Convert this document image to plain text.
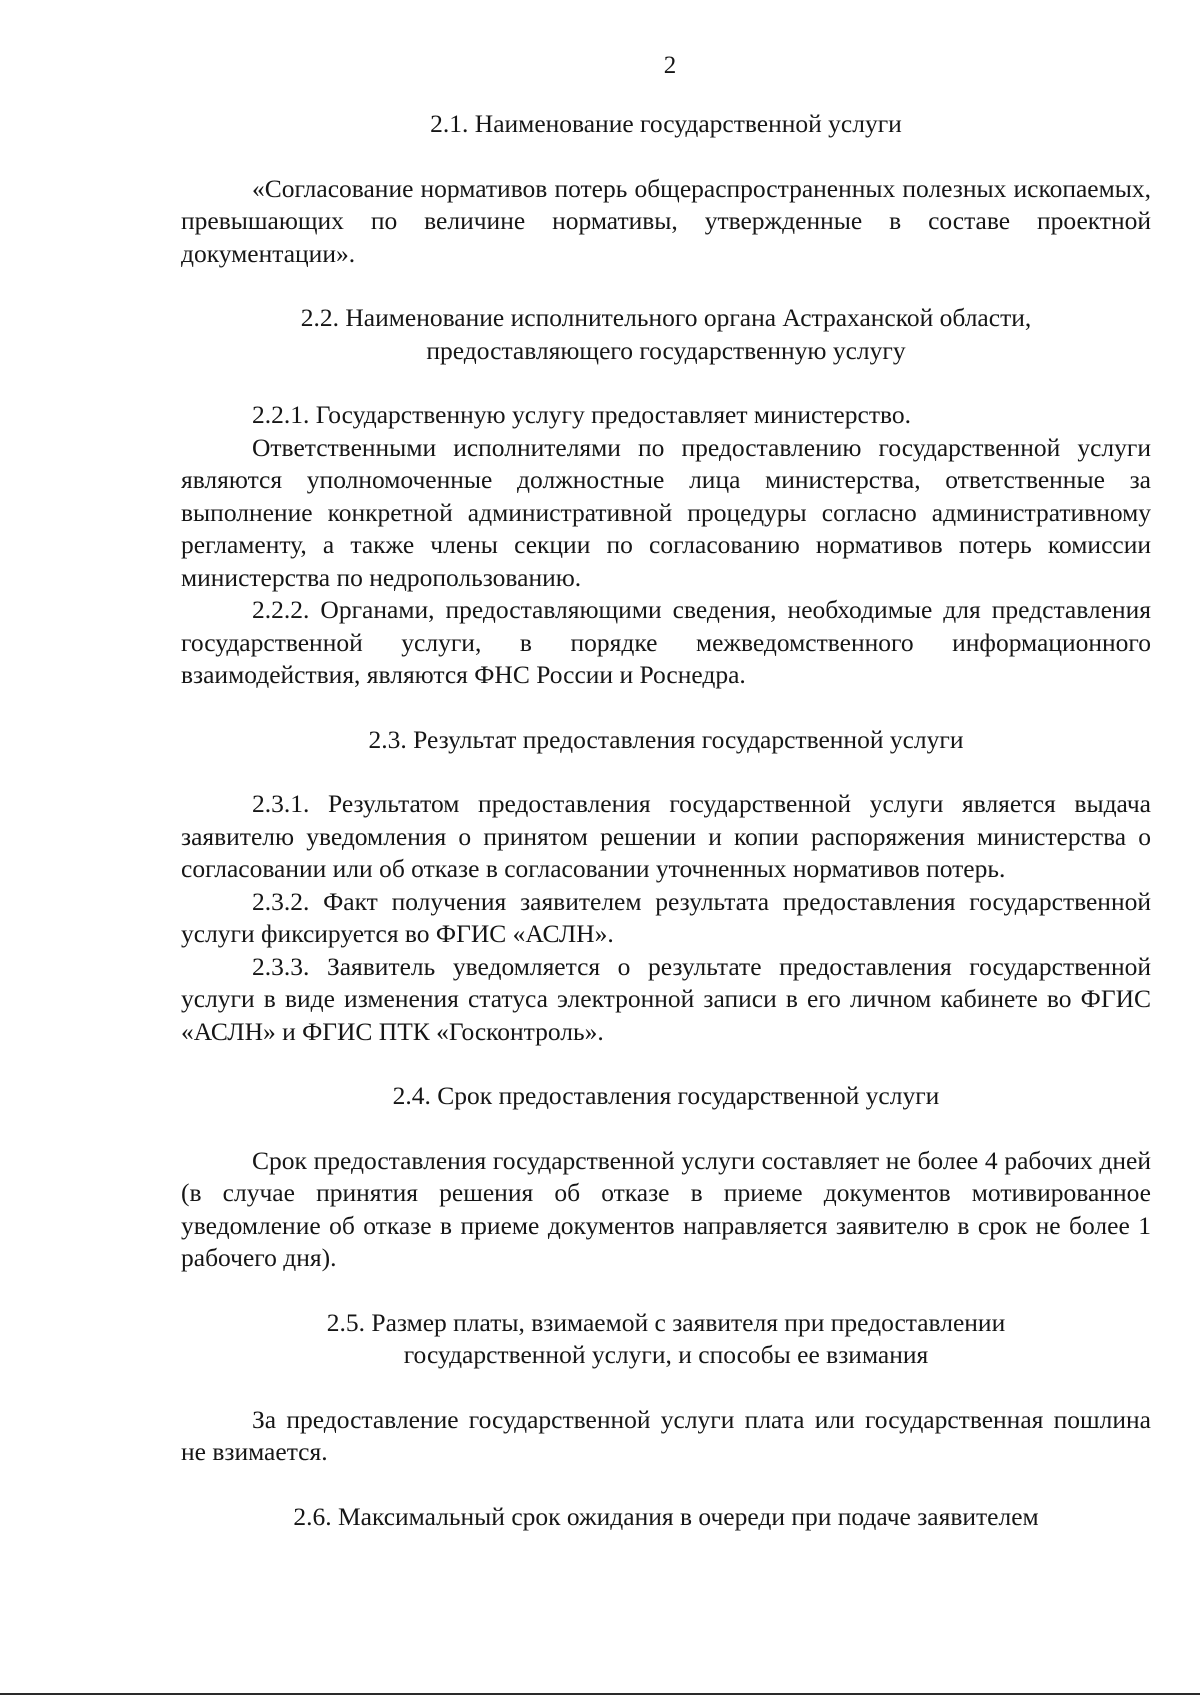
2

2.1. Наименование государственной услуги

«Согласование нормативов потерь общераспространенных полезных ископаемых, превышающих по величине нормативы, утвержденные в составе проектной документации».

2.2. Наименование исполнительного органа Астраханской области,

предоставляющего государственную услугу

2.2.1. Государственную услугу предоставляет министерство.

Ответственными исполнителями по предоставлению государственной услуги являются уполномоченные должностные лица министерства, ответственные за выполнение конкретной административной процедуры согласно административному регламенту, а также члены секции по согласованию нормативов потерь комиссии министерства по недропользованию.

2.2.2. Органами, предоставляющими сведения, необходимые для представления государственной услуги, в порядке межведомственного информационного взаимодействия, являются ФНС России и Роснедра.

2.3. Результат предоставления государственной услуги

2.3.1. Результатом предоставления государственной услуги является выдача заявителю уведомления о принятом решении и копии распоряжения министерства о согласовании или об отказе в согласовании уточненных нормативов потерь.

2.3.2. Факт получения заявителем результата предоставления государственной услуги фиксируется во ФГИС «АСЛН».

2.3.3. Заявитель уведомляется о результате предоставления государственной услуги в виде изменения статуса электронной записи в его личном кабинете во ФГИС «АСЛН» и ФГИС ПТК «Госконтроль».

2.4. Срок предоставления государственной услуги

Срок предоставления государственной услуги составляет не более 4 рабочих дней (в случае принятия решения об отказе в приеме документов мотивированное уведомление об отказе в приеме документов направляется заявителю в срок не более 1 рабочего дня).

2.5. Размер платы, взимаемой с заявителя при предоставлении

государственной услуги, и способы ее взимания

За предоставление государственной услуги плата или государственная пошлина не взимается.

2.6. Максимальный срок ожидания в очереди при подаче заявителем
